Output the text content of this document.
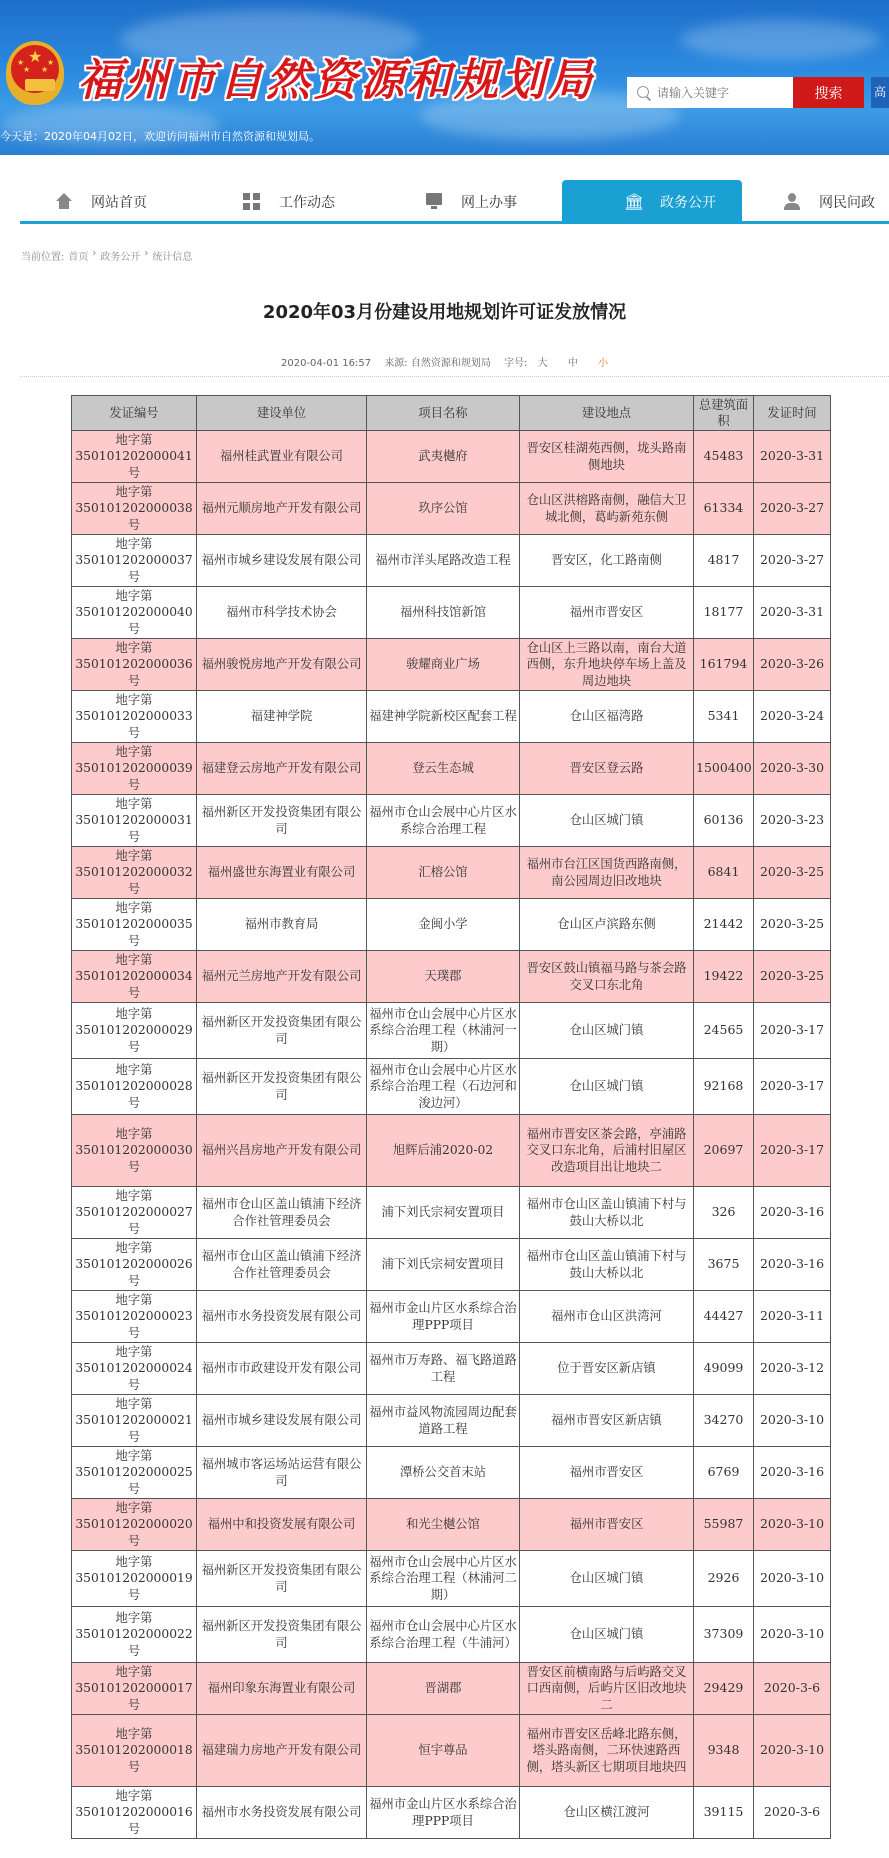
★
★
★ ★
★ 福州市自然资源和规划局
请输入关键字	搜索	高
今天是：2020年04月02日，欢迎访问福州市自然资源和规划局。
网站首页	工作动态	网上办事	🏛 政务公开	网民问政
当前位置: 首页 › 政务公开 › 统计信息
2020年03月份建设用地规划许可证发放情况
2020-04-01 16:57 来源: 自然资源和规划局 字号: 大 中 小
发证编号	建设单位	项目名称	建设地点	总建筑面积	发证时间
地字第350101202000041号	福州桂武置业有限公司	武夷樾府	晋安区桂湖苑西侧，垅头路南侧地块	45483	2020-3-31
地字第350101202000038号	福州元顺房地产开发有限公司	玖序公馆	仓山区洪榕路南侧，融信大卫城北侧，葛屿新苑东侧	61334	2020-3-27
地字第350101202000037号	福州市城乡建设发展有限公司	福州市洋头尾路改造工程	晋安区，化工路南侧	4817	2020-3-27
地字第350101202000040号	福州市科学技术协会	福州科技馆新馆	福州市晋安区	18177	2020-3-31
地字第350101202000036号	福州骏悦房地产开发有限公司	骏耀商业广场	仓山区上三路以南，南台大道西侧，东升地块停车场上盖及周边地块	161794	2020-3-26
地字第350101202000033号	福建神学院	福建神学院新校区配套工程	仓山区福湾路	5341	2020-3-24
地字第350101202000039号	福建登云房地产开发有限公司	登云生态城	晋安区登云路	1500400	2020-3-30
地字第350101202000031号	福州新区开发投资集团有限公司	福州市仓山会展中心片区水系综合治理工程	仓山区城门镇	60136	2020-3-23
地字第350101202000032号	福州盛世东海置业有限公司	汇榕公馆	福州市台江区国货西路南侧，南公园周边旧改地块	6841	2020-3-25
地字第350101202000035号	福州市教育局	金闽小学	仓山区卢滨路东侧	21442	2020-3-25
地字第350101202000034号	福州元兰房地产开发有限公司	天璞郡	晋安区鼓山镇福马路与茶会路交叉口东北角	19422	2020-3-25
地字第350101202000029号	福州新区开发投资集团有限公司	福州市仓山会展中心片区水系综合治理工程（林浦河一期）	仓山区城门镇	24565	2020-3-17
地字第350101202000028号	福州新区开发投资集团有限公司	福州市仓山会展中心片区水系综合治理工程（石边河和浚边河）	仓山区城门镇	92168	2020-3-17
地字第350101202000030号	福州兴昌房地产开发有限公司	旭辉后浦2020-02	福州市晋安区茶会路，亭浦路交叉口东北角，后浦村旧屋区改造项目出让地块二	20697	2020-3-17
地字第350101202000027号	福州市仓山区盖山镇浦下经济合作社管理委员会	浦下刘氏宗祠安置项目	福州市仓山区盖山镇浦下村与鼓山大桥以北	326	2020-3-16
地字第350101202000026号	福州市仓山区盖山镇浦下经济合作社管理委员会	浦下刘氏宗祠安置项目	福州市仓山区盖山镇浦下村与鼓山大桥以北	3675	2020-3-16
地字第350101202000023号	福州市水务投资发展有限公司	福州市金山片区水系综合治理PPP项目	福州市仓山区洪湾河	44427	2020-3-11
地字第350101202000024号	福州市市政建设开发有限公司	福州市万寿路、福飞路道路工程	位于晋安区新店镇	49099	2020-3-12
地字第350101202000021号	福州市城乡建设发展有限公司	福州市益风物流园周边配套道路工程	福州市晋安区新店镇	34270	2020-3-10
地字第350101202000025号	福州城市客运场站运营有限公司	潭桥公交首末站	福州市晋安区	6769	2020-3-16
地字第350101202000020号	福州中和投资发展有限公司	和光尘樾公馆	福州市晋安区	55987	2020-3-10
地字第350101202000019号	福州新区开发投资集团有限公司	福州市仓山会展中心片区水系综合治理工程（林浦河二期）	仓山区城门镇	2926	2020-3-10
地字第350101202000022号	福州新区开发投资集团有限公司	福州市仓山会展中心片区水系综合治理工程（牛浦河）	仓山区城门镇	37309	2020-3-10
地字第350101202000017号	福州印象东海置业有限公司	晋湖郡	晋安区前横南路与后屿路交叉口西南侧，后屿片区旧改地块二	29429	2020-3-6
地字第350101202000018号	福建瑞力房地产开发有限公司	恒宇尊品	福州市晋安区岳峰北路东侧，塔头路南侧，二环快速路西侧，塔头新区七期项目地块四	9348	2020-3-10
地字第350101202000016号	福州市水务投资发展有限公司	福州市金山片区水系综合治理PPP项目	仓山区横江渡河	39115	2020-3-6
